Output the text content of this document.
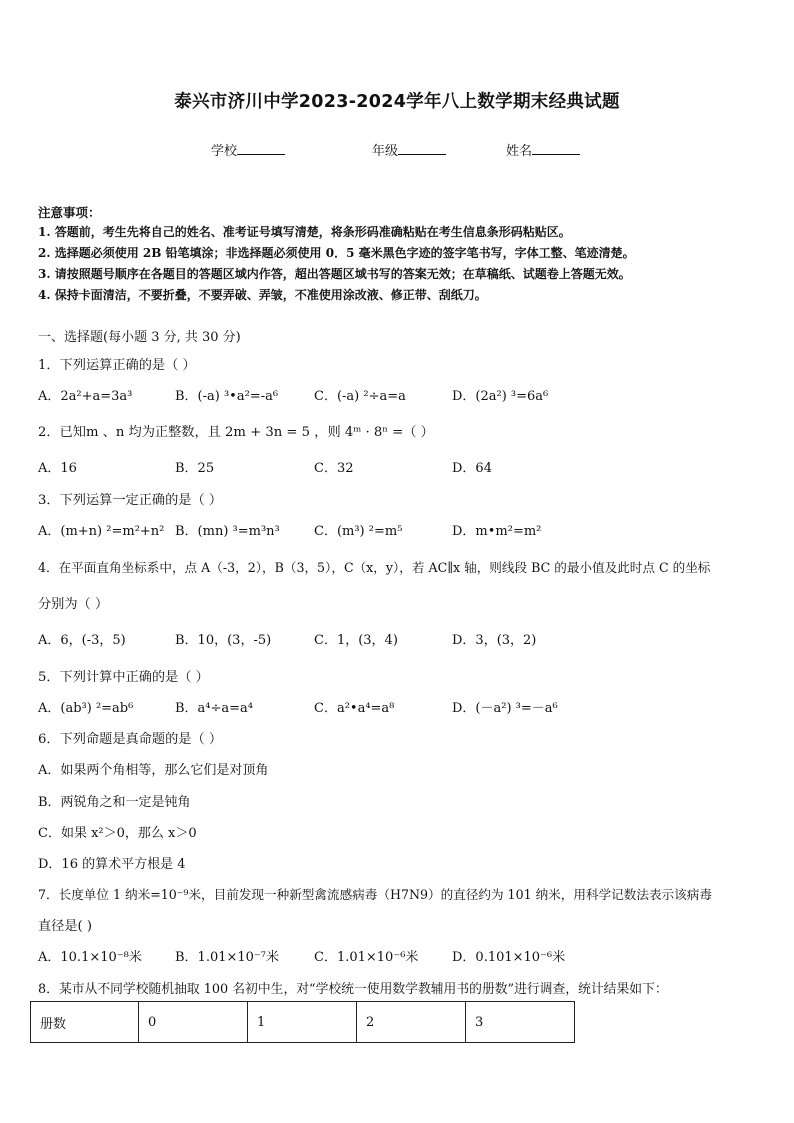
泰兴市济川中学2023-2024学年八上数学期末经典试题
学校	年级	姓名
注意事项：
1. 答题前，考生先将自己的姓名、准考证号填写清楚，将条形码准确粘贴在考生信息条形码粘贴区。
2. 选择题必须使用 2B 铅笔填涂；非选择题必须使用 0．5 毫米黑色字迹的签字笔书写，字体工整、笔迹清楚。
3. 请按照题号顺序在各题目的答题区域内作答，超出答题区域书写的答案无效；在草稿纸、试题卷上答题无效。
4. 保持卡面清洁，不要折叠，不要弄破、弄皱，不准使用涂改液、修正带、刮纸刀。
一、选择题(每小题 3 分, 共 30 分)
1．下列运算正确的是（ ）
A．2a²+a=3a³	B．(-a) ³•a²=-a⁶	C．(-a) ²÷a=a	D．(2a²) ³=6a⁶
2．已知m 、n 均为正整数，且 2m + 3n = 5 ，则 4ᵐ · 8ⁿ =（ ）
A．16	B．25	C．32	D．64
3．下列运算一定正确的是（ ）
A．(m+n) ²=m²+n² B．(mn) ³=m³n³	C．(m³) ²=m⁵	D．m•m²=m²
4．在平面直角坐标系中，点 A（-3，2），B（3，5），C（x，y），若 AC∥x 轴，则线段 BC 的最小值及此时点 C 的坐标
分别为（ ）
A．6，(-3，5)	B．10，(3，-5)	C．1，(3，4)	D．3，(3，2)
5．下列计算中正确的是（ ）
A．(ab³) ²=ab⁶	B．a⁴÷a=a⁴	C．a²•a⁴=a⁸	D．(－a²) ³=－a⁶
6．下列命题是真命题的是（ ）
A．如果两个角相等，那么它们是对顶角
B．两锐角之和一定是钝角
C．如果 x²＞0，那么 x＞0
D．16 的算术平方根是 4
7．长度单位 1 纳米=10⁻⁹米，目前发现一种新型禽流感病毒（H7N9）的直径约为 101 纳米，用科学记数法表示该病毒
直径是( )
A．10.1×10⁻⁸米	B．1.01×10⁻⁷米	C．1.01×10⁻⁶米	D．0.101×10⁻⁶米
8．某市从不同学校随机抽取 100 名初中生，对“学校统一使用数学教辅用书的册数”进行调查，统计结果如下：
册数	0	1	2	3
